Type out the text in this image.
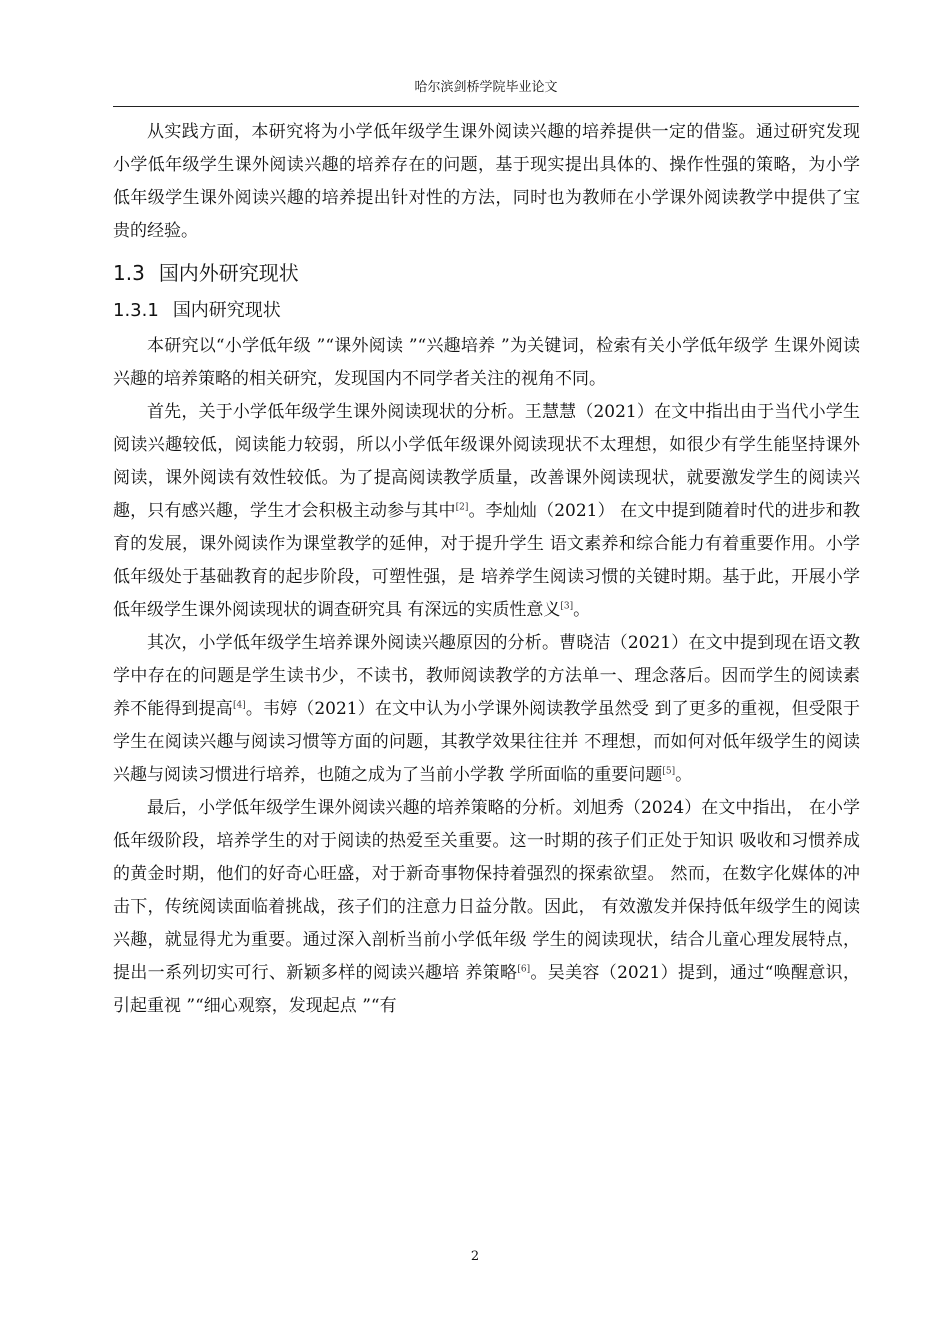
哈尔滨剑桥学院毕业论文

从实践方面，本研究将为小学低年级学生课外阅读兴趣的培养提供一定的借鉴。通过研究发现小学低年级学生课外阅读兴趣的培养存在的问题，基于现实提出具体的、操作性强的策略，为小学低年级学生课外阅读兴趣的培养提出针对性的方法，同时也为教师在小学课外阅读教学中提供了宝贵的经验。

1.3 国内外研究现状
1.3.1 国内研究现状

本研究以“小学低年级 ”“课外阅读 ”“兴趣培养 ”为关键词，检索有关小学低年级学 生课外阅读兴趣的培养策略的相关研究，发现国内不同学者关注的视角不同。

首先，关于小学低年级学生课外阅读现状的分析。王慧慧（2021）在文中指出由于当代小学生阅读兴趣较低，阅读能力较弱，所以小学低年级课外阅读现状不太理想，如很少有学生能坚持课外阅读，课外阅读有效性较低。为了提高阅读教学质量，改善课外阅读现状，就要激发学生的阅读兴趣，只有感兴趣，学生才会积极主动参与其中[2]。李灿灿（2021） 在文中提到随着时代的进步和教育的发展，课外阅读作为课堂教学的延伸，对于提升学生 语文素养和综合能力有着重要作用。小学低年级处于基础教育的起步阶段，可塑性强，是 培养学生阅读习惯的关键时期。基于此，开展小学低年级学生课外阅读现状的调查研究具 有深远的实质性意义[3]。

其次，小学低年级学生培养课外阅读兴趣原因的分析。曹晓洁（2021）在文中提到现在语文教学中存在的问题是学生读书少，不读书，教师阅读教学的方法单一、理念落后。因而学生的阅读素养不能得到提高[4]。韦婷（2021）在文中认为小学课外阅读教学虽然受 到了更多的重视，但受限于学生在阅读兴趣与阅读习惯等方面的问题，其教学效果往往并 不理想，而如何对低年级学生的阅读兴趣与阅读习惯进行培养，也随之成为了当前小学教 学所面临的重要问题[5]。

最后，小学低年级学生课外阅读兴趣的培养策略的分析。刘旭秀（2024）在文中指出， 在小学低年级阶段，培养学生的对于阅读的热爱至关重要。这一时期的孩子们正处于知识 吸收和习惯养成的黄金时期，他们的好奇心旺盛，对于新奇事物保持着强烈的探索欲望。 然而，在数字化媒体的冲击下，传统阅读面临着挑战，孩子们的注意力日益分散。因此， 有效激发并保持低年级学生的阅读兴趣，就显得尤为重要。通过深入剖析当前小学低年级 学生的阅读现状，结合儿童心理发展特点，提出一系列切实可行、新颖多样的阅读兴趣培 养策略[6]。吴美容（2021）提到，通过“唤醒意识，引起重视 ”“细心观察，发现起点 ”“有

2
